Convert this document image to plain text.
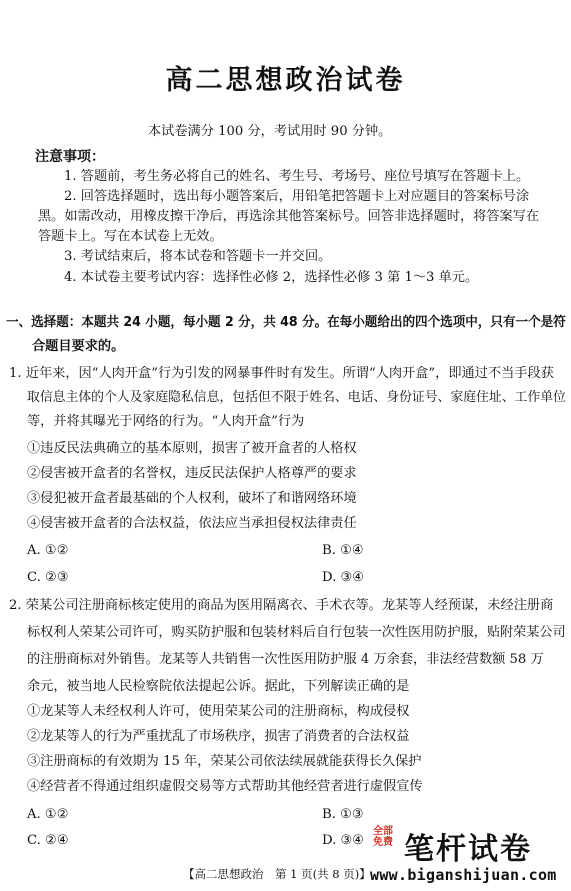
高二思想政治试卷
本试卷满分 100 分，考试用时 90 分钟。
注意事项：
1. 答题前，考生务必将自己的姓名、考生号、考场号、座位号填写在答题卡上。
2. 回答选择题时，选出每小题答案后，用铅笔把答题卡上对应题目的答案标号涂
黑。如需改动，用橡皮擦干净后，再选涂其他答案标号。回答非选择题时，将答案写在
答题卡上。写在本试卷上无效。
3. 考试结束后，将本试卷和答题卡一并交回。
4. 本试卷主要考试内容：选择性必修 2，选择性必修 3 第 1～3 单元。
一、选择题：本题共 24 小题，每小题 2 分，共 48 分。在每小题给出的四个选项中，只有一个是符
合题目要求的。
1. 近年来，因“人肉开盒”行为引发的网暴事件时有发生。所谓“人肉开盒”，即通过不当手段获
取信息主体的个人及家庭隐私信息，包括但不限于姓名、电话、身份证号、家庭住址、工作单位
等，并将其曝光于网络的行为。“人肉开盒”行为
①违反民法典确立的基本原则，损害了被开盒者的人格权
②侵害被开盒者的名誉权，违反民法保护人格尊严的要求
③侵犯被开盒者最基础的个人权利，破坏了和谐网络环境
④侵害被开盒者的合法权益，依法应当承担侵权法律责任
A. ①②	B. ①④
C. ②③	D. ③④
2. 荣某公司注册商标核定使用的商品为医用隔离衣、手术衣等。龙某等人经预谋，未经注册商
标权利人荣某公司许可，购买防护服和包装材料后自行包装一次性医用防护服，贴附荣某公司
的注册商标对外销售。龙某等人共销售一次性医用防护服 4 万余套，非法经营数额 58 万
余元，被当地人民检察院依法提起公诉。据此，下列解读正确的是
①龙某等人未经权利人许可，使用荣某公司的注册商标，构成侵权
②龙某等人的行为严重扰乱了市场秩序，损害了消费者的合法权益
③注册商标的有效期为 15 年，荣某公司依法续展就能获得长久保护
④经营者不得通过组织虚假交易等方式帮助其他经营者进行虚假宣传
A. ①②	B. ①③
C. ②④	D. ③④
【高二思想政治　第 1 页(共 8 页)】
全部免费 笔杆试卷
www.biganshijuan.com
